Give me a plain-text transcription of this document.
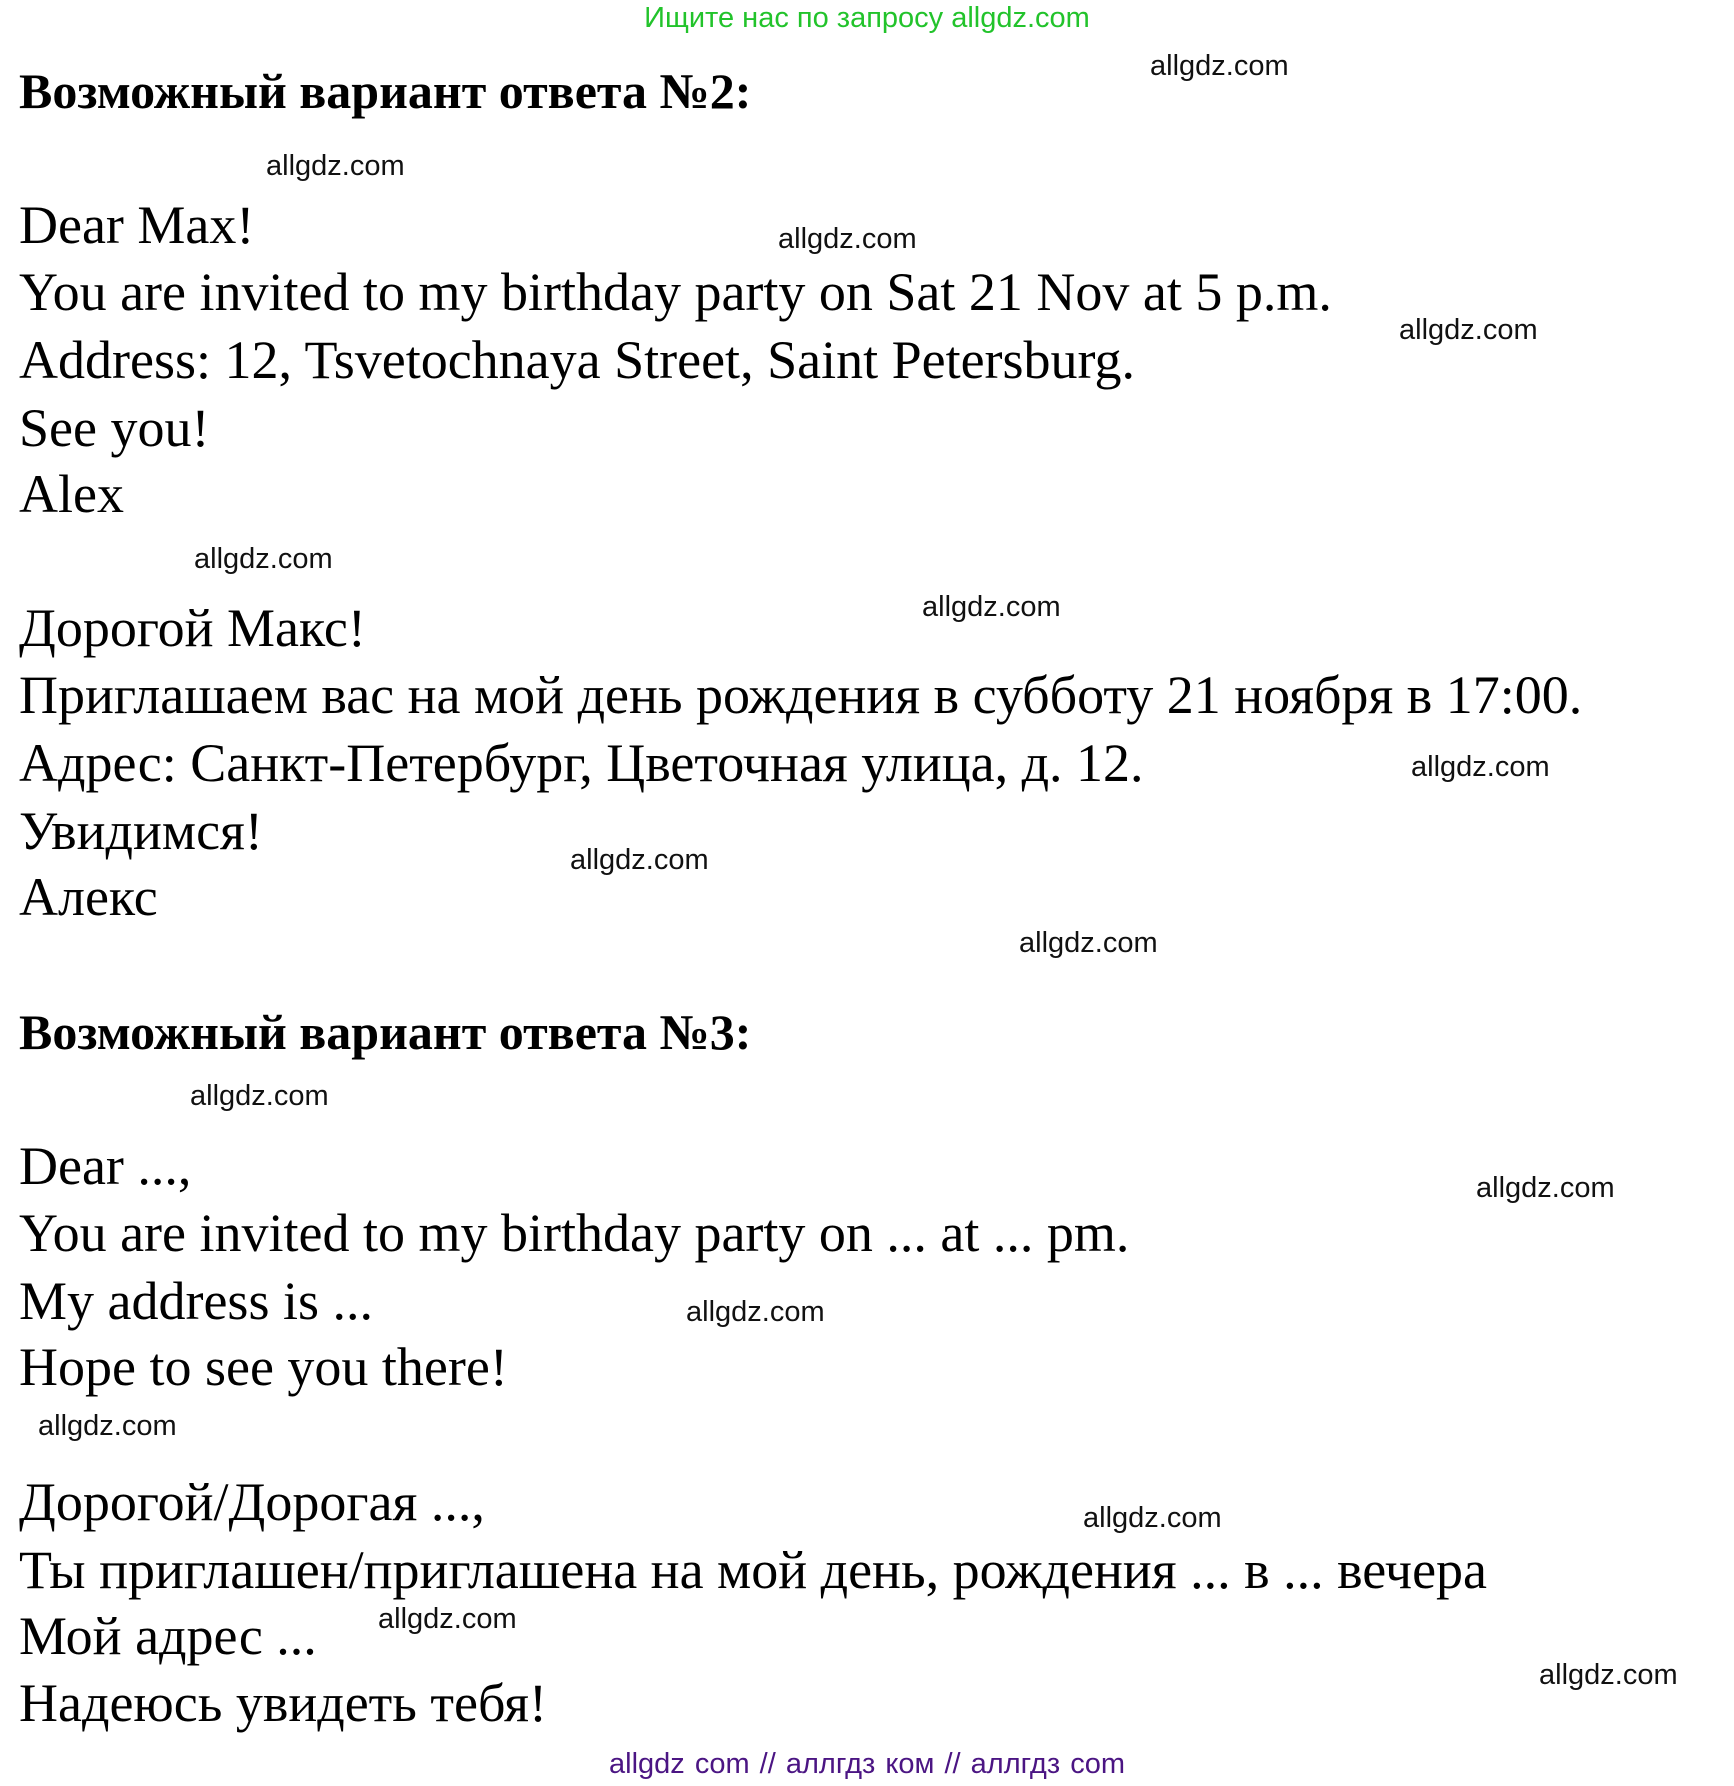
Ищите нас по запросу allgdz.com
Возможный вариант ответа №2:
Dear Max!
You are invited to my birthday party on Sat 21 Nov at 5 p.m.
Address: 12, Tsvetochnaya Street, Saint Petersburg.
See you!
Alex
Дорогой Макс!
Приглашаем вас на мой день рождения в субботу 21 ноября в 17:00.
Адрес: Санкт-Петербург, Цветочная улица, д. 12.
Увидимся!
Алекс
Возможный вариант ответа №3:
Dear ...,
You are invited to my birthday party on ... at ... pm.
My address is ...
Hope to see you there!
Дорогой/Дорогая ...,
Ты приглашен/приглашена на мой день, рождения ... в ... вечера
Мой адрес ...
Надеюсь увидеть тебя!
allgdz.com
allgdz.com
allgdz.com
allgdz.com
allgdz.com
allgdz.com
allgdz.com
allgdz.com
allgdz.com
allgdz.com
allgdz.com
allgdz.com
allgdz.com
allgdz.com
allgdz.com
allgdz.com
allgdz com // аллгдз ком // аллгдз com
